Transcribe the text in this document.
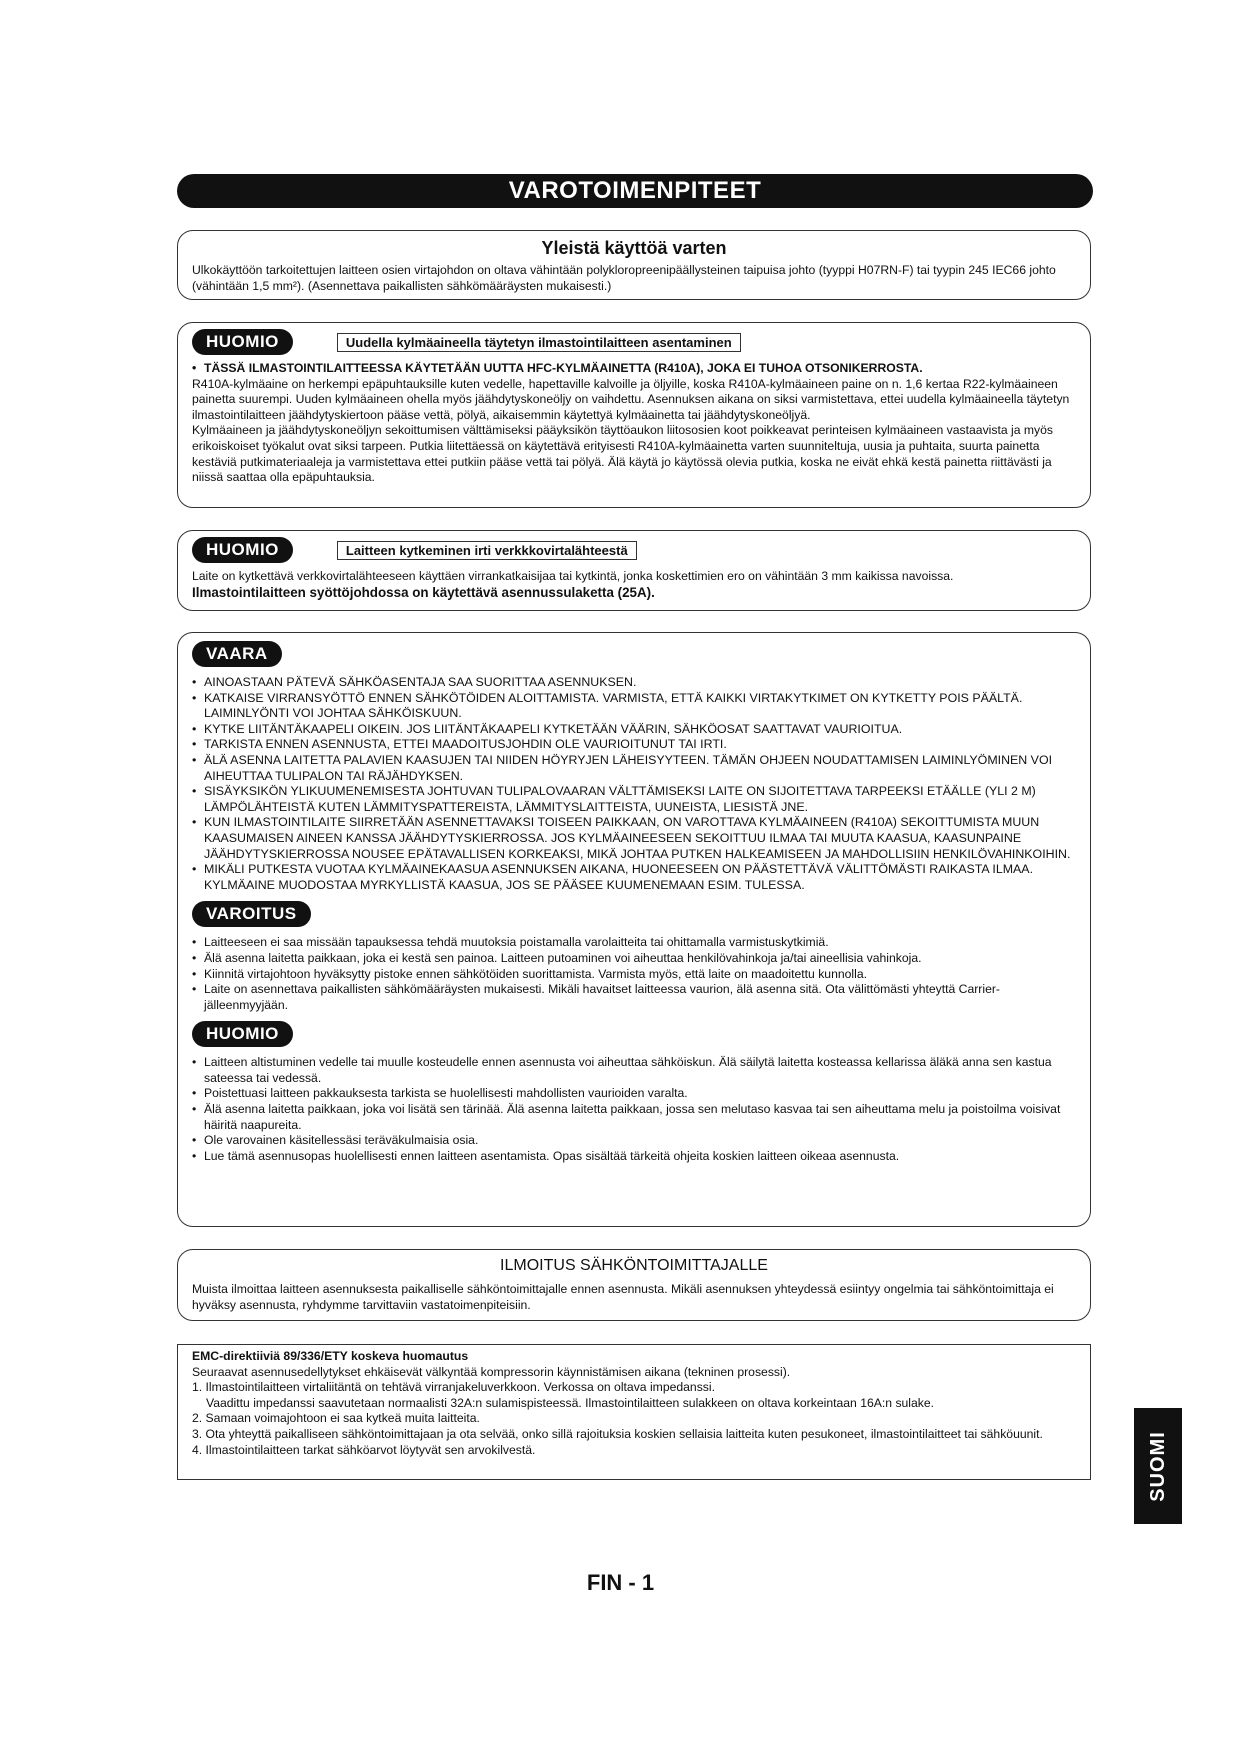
VAROTOIMENPITEET
Yleistä käyttöä varten

Ulkokäyttöön tarkoitettujen laitteen osien virtajohdon on oltava vähintään polykloropreenipäällysteinen taipuisa johto (tyyppi H07RN-F) tai tyypin 245 IEC66 johto (vähintään 1,5 mm²). (Asennettava paikallisten sähkömääräysten mukaisesti.)

HUOMIO	Uudella kylmäaineella täytetyn ilmastointilaitteen asentaminen
• TÄSSÄ ILMASTOINTILAITTEESSA KÄYTETÄÄN UUTTA HFC-KYLMÄAINETTA (R410A), JOKA EI TUHOA OTSONIKERROSTA.

R410A-kylmäaine on herkempi epäpuhtauksille kuten vedelle, hapettaville kalvoille ja öljyille, koska R410A-kylmäaineen paine on n. 1,6 kertaa R22-kylmäaineen painetta suurempi. Uuden kylmäaineen ohella myös jäähdytyskoneöljy on vaihdettu. Asennuksen aikana on siksi varmistettava, ettei uudella kylmäaineella täytetyn ilmastointilaitteen jäähdytyskiertoon pääse vettä, pölyä, aikaisemmin käytettyä kylmäainetta tai jäähdytyskoneöljyä.

Kylmäaineen ja jäähdytyskoneöljyn sekoittumisen välttämiseksi pääyksikön täyttöaukon liitososien koot poikkeavat perinteisen kylmäaineen vastaavista ja myös erikoiskoiset työkalut ovat siksi tarpeen. Putkia liitettäessä on käytettävä erityisesti R410A-kylmäainetta varten suunniteltuja, uusia ja puhtaita, suurta painetta kestäviä putkimateriaaleja ja varmistettava ettei putkiin pääse vettä tai pölyä. Älä käytä jo käytössä olevia putkia, koska ne eivät ehkä kestä painetta riittävästi ja niissä saattaa olla epäpuhtauksia.

HUOMIO	Laitteen kytkeminen irti verkkkovirtalähteestä

Laite on kytkettävä verkkovirtalähteeseen käyttäen virrankatkaisijaa tai kytkintä, jonka koskettimien ero on vähintään 3 mm kaikissa navoissa.

Ilmastointilaitteen syöttöjohdossa on käytettävä asennussulaketta (25A).

VAARA
• AINOASTAAN PÄTEVÄ SÄHKÖASENTAJA SAA SUORITTAA ASENNUKSEN.
• KATKAISE VIRRANSYÖTTÖ ENNEN SÄHKÖTÖIDEN ALOITTAMISTA. VARMISTA, ETTÄ KAIKKI VIRTAKYTKIMET ON KYTKETTY POIS PÄÄLTÄ. LAIMINLYÖNTI VOI JOHTAA SÄHKÖISKUUN.
• KYTKE LIITÄNTÄKAAPELI OIKEIN. JOS LIITÄNTÄKAAPELI KYTKETÄÄN VÄÄRIN, SÄHKÖOSAT SAATTAVAT VAURIOITUA.
• TARKISTA ENNEN ASENNUSTA, ETTEI MAADOITUSJOHDIN OLE VAURIOITUNUT TAI IRTI.
• ÄLÄ ASENNA LAITETTA PALAVIEN KAASUJEN TAI NIIDEN HÖYRYJEN LÄHEISYYTEEN. TÄMÄN OHJEEN NOUDATTAMISEN LAIMINLYÖMINEN VOI AIHEUTTAA TULIPALON TAI RÄJÄHDYKSEN.
• SISÄYKSIKÖN YLIKUUMENEMISESTA JOHTUVAN TULIPALOVAARAN VÄLTTÄMISEKSI LAITE ON SIJOITETTAVA TARPEEKSI ETÄÄLLE (YLI 2 M) LÄMPÖLÄHTEISTÄ KUTEN LÄMMITYSPATTEREISTA, LÄMMITYSLAITTEISTA, UUNEISTA, LIESISTÄ JNE.
• KUN ILMASTOINTILAITE SIIRRETÄÄN ASENNETTAVAKSI TOISEEN PAIKKAAN, ON VAROTTAVA KYLMÄAINEEN (R410A) SEKOITTUMISTA MUUN KAASUMAISEN AINEEN KANSSA JÄÄHDYTYSKIERROSSA. JOS KYLMÄAINEESEEN SEKOITTUU ILMAA TAI MUUTA KAASUA, KAASUNPAINE JÄÄHDYTYSKIERROSSA NOUSEE EPÄTAVALLISEN KORKEAKSI, MIKÄ JOHTAA PUTKEN HALKEAMISEEN JA MAHDOLLISIIN HENKILÖVAHINKOIHIN.
• MIKÄLI PUTKESTA VUOTAA KYLMÄAINEKAASUA ASENNUKSEN AIKANA, HUONEESEEN ON PÄÄSTETTÄVÄ VÄLITTÖMÄSTI RAIKASTA ILMAA. KYLMÄAINE MUODOSTAA MYRKYLLISTÄ KAASUA, JOS SE PÄÄSEE KUUMENEMAAN ESIM. TULESSA.
VAROITUS
• Laitteeseen ei saa missään tapauksessa tehdä muutoksia poistamalla varolaitteita tai ohittamalla varmistuskytkimiä.
• Älä asenna laitetta paikkaan, joka ei kestä sen painoa. Laitteen putoaminen voi aiheuttaa henkilövahinkoja ja/tai aineellisia vahinkoja.
• Kiinnitä virtajohtoon hyväksytty pistoke ennen sähkötöiden suorittamista. Varmista myös, että laite on maadoitettu kunnolla.
• Laite on asennettava paikallisten sähkömääräysten mukaisesti. Mikäli havaitset laitteessa vaurion, älä asenna sitä. Ota välittömästi yhteyttä Carrier-jälleenmyyjään.
HUOMIO
• Laitteen altistuminen vedelle tai muulle kosteudelle ennen asennusta voi aiheuttaa sähköiskun. Älä säilytä laitetta kosteassa kellarissa äläkä anna sen kastua sateessa tai vedessä.
• Poistettuasi laitteen pakkauksesta tarkista se huolellisesti mahdollisten vaurioiden varalta.
• Älä asenna laitetta paikkaan, joka voi lisätä sen tärinää. Älä asenna laitetta paikkaan, jossa sen melutaso kasvaa tai sen aiheuttama melu ja poistoilma voisivat häiritä naapureita.
• Ole varovainen käsitellessäsi teräväkulmaisia osia.
• Lue tämä asennusopas huolellisesti ennen laitteen asentamista. Opas sisältää tärkeitä ohjeita koskien laitteen oikeaa asennusta.
ILMOITUS SÄHKÖNTOIMITTAJALLE

Muista ilmoittaa laitteen asennuksesta paikalliselle sähköntoimittajalle ennen asennusta. Mikäli asennuksen yhteydessä esiintyy ongelmia tai sähköntoimittaja ei hyväksy asennusta, ryhdymme tarvittaviin vastatoimenpiteisiin.

EMC-direktiiviä 89/336/ETY koskeva huomautus

Seuraavat asennusedellytykset ehkäisevät välkyntää kompressorin käynnistämisen aikana (tekninen prosessi).

1. Ilmastointilaitteen virtaliitäntä on tehtävä virranjakeluverkkoon. Verkossa on oltava impedanssi.

Vaadittu impedanssi saavutetaan normaalisti 32A:n sulamispisteessä. Ilmastointilaitteen sulakkeen on oltava korkeintaan 16A:n sulake.

2. Samaan voimajohtoon ei saa kytkeä muita laitteita.

3. Ota yhteyttä paikalliseen sähköntoimittajaan ja ota selvää, onko sillä rajoituksia koskien sellaisia laitteita kuten pesukoneet, ilmastointilaitteet tai sähköuunit.

4. Ilmastointilaitteen tarkat sähköarvot löytyvät sen arvokilvestä.	SUOMI
FIN - 1
